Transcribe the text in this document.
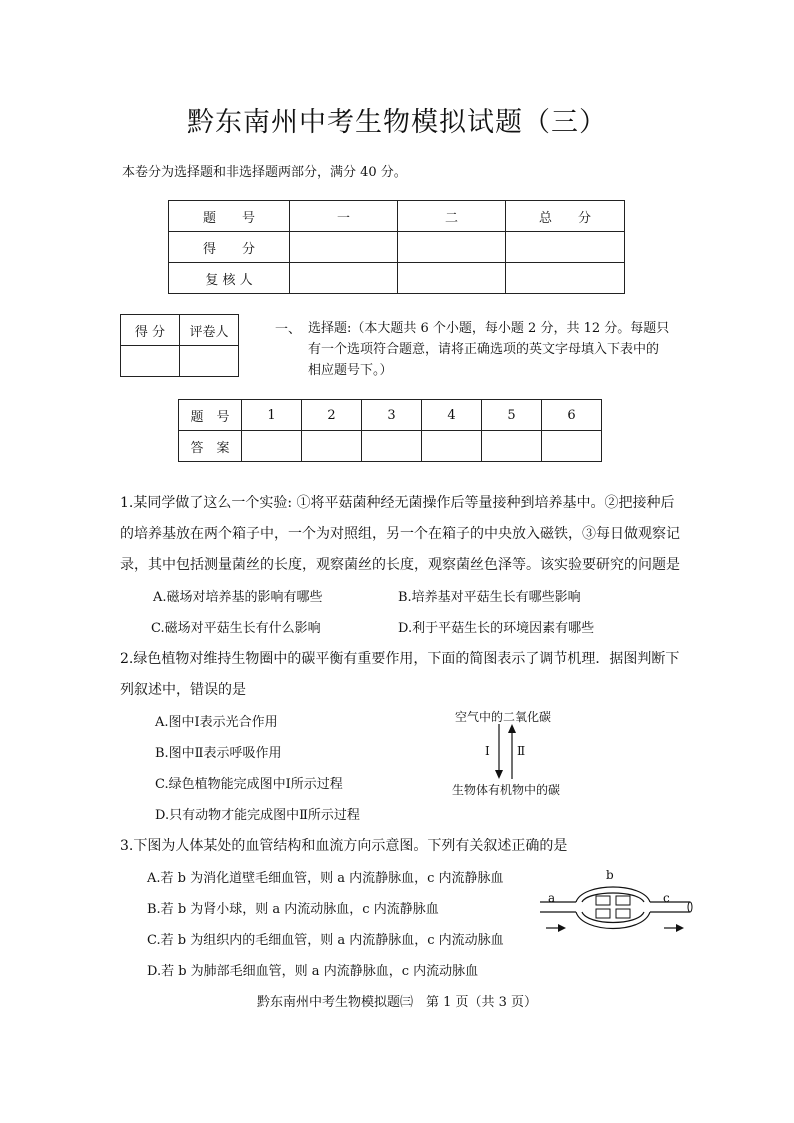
黔东南州中考生物模拟试题（三）
本卷分为选择题和非选择题两部分，满分 40 分。
题　　号	一	二	总　　分
得　　分			
复 核 人			
得 分	评卷人
		一、 选择题:（本大题共 6 个小题，每小题 2 分，共 12 分。每题只
有一个选项符合题意，请将正确选项的英文字母填入下表中的
相应题号下。）
题　号	1	2	3	4	5	6
答　案						
1.某同学做了这么一个实验: ①将平菇菌种经无菌操作后等量接种到培养基中。②把接种后
的培养基放在两个箱子中，一个为对照组，另一个在箱子的中央放入磁铁，③每日做观察记
录，其中包括测量菌丝的长度，观察菌丝的长度，观察菌丝色泽等。该实验要研究的问题是
A.磁场对培养基的影响有哪些	B.培养基对平菇生长有哪些影响
C.磁场对平菇生长有什么影响	D.利于平菇生长的环境因素有哪些
2.绿色植物对维持生物圈中的碳平衡有重要作用，下面的简图表示了调节机理．据图判断下
列叙述中，错误的是
A.图中Ⅰ表示光合作用
B.图中Ⅱ表示呼吸作用
C.绿色植物能完成图中Ⅰ所示过程
D.只有动物才能完成图中Ⅱ所示过程
空气中的二氧化碳
生物体有机物中的碳
Ⅰ Ⅱ
3.下图为人体某处的血管结构和血流方向示意图。下列有关叙述正确的是
A.若 b 为消化道壁毛细血管，则 a 内流静脉血，c 内流静脉血
B.若 b 为肾小球，则 a 内流动脉血，c 内流静脉血
C.若 b 为组织内的毛细血管，则 a 内流静脉血，c 内流动脉血
D.若 b 为肺部毛细血管，则 a 内流静脉血，c 内流动脉血
a
b
c
黔东南州中考生物模拟题㈢　第 1 页（共 3 页）
